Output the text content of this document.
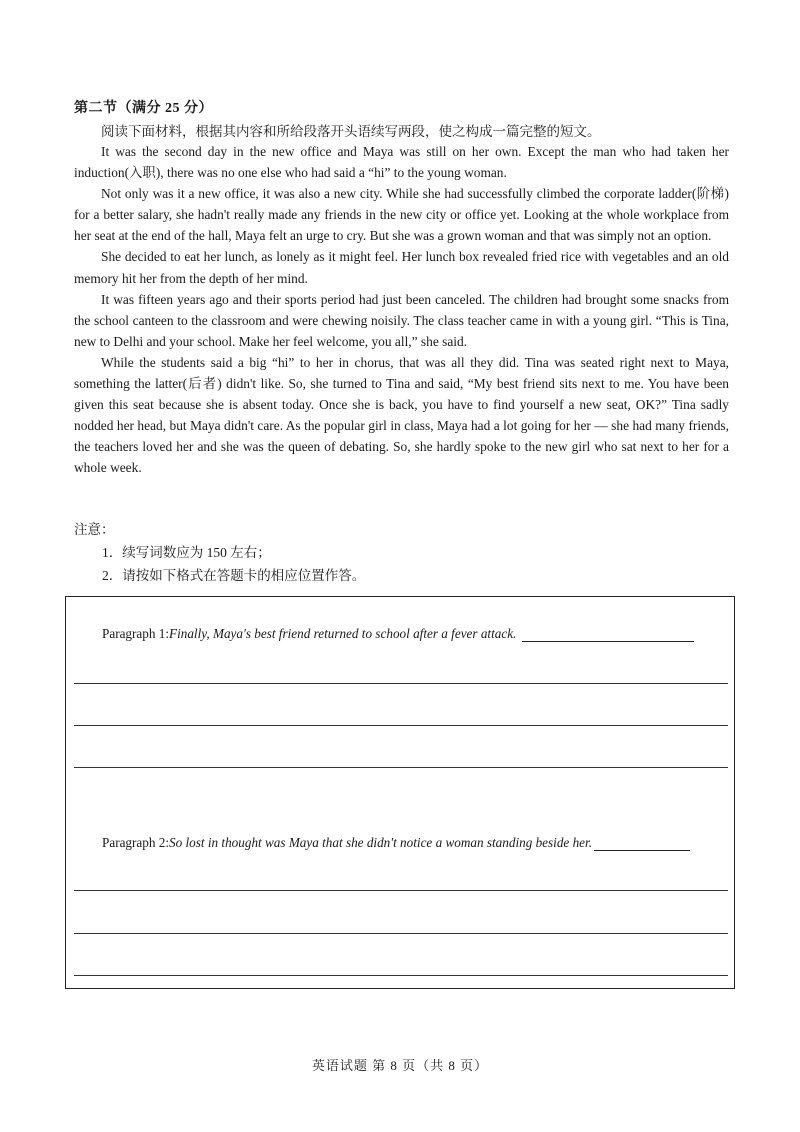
第二节（满分 25 分）
阅读下面材料，根据其内容和所给段落开头语续写两段，使之构成一篇完整的短文。

It was the second day in the new office and Maya was still on her own. Except the man who had taken her induction(入职), there was no one else who had said a “hi” to the young woman.

Not only was it a new office, it was also a new city. While she had successfully climbed the corporate ladder(阶梯) for a better salary, she hadn't really made any friends in the new city or office yet. Looking at the whole workplace from her seat at the end of the hall, Maya felt an urge to cry. But she was a grown woman and that was simply not an option.

She decided to eat her lunch, as lonely as it might feel. Her lunch box revealed fried rice with vegetables and an old memory hit her from the depth of her mind.

It was fifteen years ago and their sports period had just been canceled. The children had brought some snacks from the school canteen to the classroom and were chewing noisily. The class teacher came in with a young girl. “This is Tina, new to Delhi and your school. Make her feel welcome, you all,” she said.

While the students said a big “hi” to her in chorus, that was all they did. Tina was seated right next to Maya, something the latter(后者) didn't like. So, she turned to Tina and said, “My best friend sits next to me. You have been given this seat because she is absent today. Once she is back, you have to find yourself a new seat, OK?” Tina sadly nodded her head, but Maya didn't care. As the popular girl in class, Maya had a lot going for her — she had many friends, the teachers loved her and she was the queen of debating. So, she hardly spoke to the new girl who sat next to her for a whole week.

注意：
1．续写词数应为 150 左右；
2．请按如下格式在答题卡的相应位置作答。
Paragraph 1: Finally, Maya's best friend returned to school after a fever attack.
Paragraph 2: So lost in thought was Maya that she didn't notice a woman standing beside her.
英语试题 第 8 页（共 8 页）
